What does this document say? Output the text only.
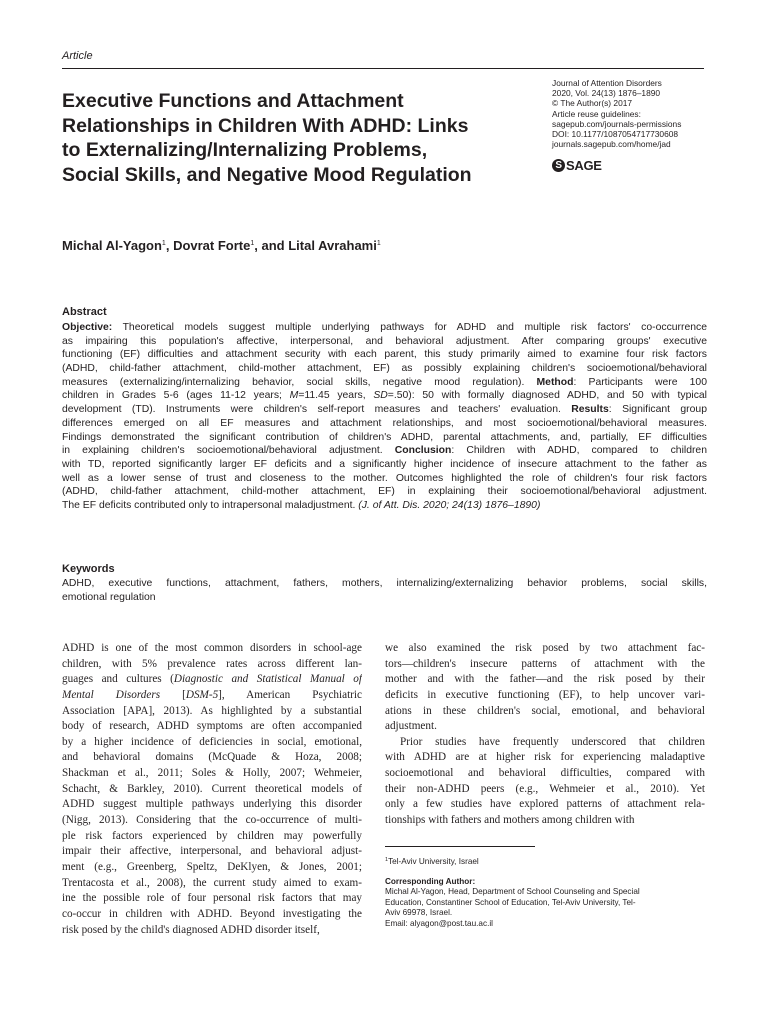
Article
Executive Functions and Attachment
Relationships in Children With ADHD: Links
to Externalizing/Internalizing Problems,
Social Skills, and Negative Mood Regulation
Journal of Attention Disorders
2020, Vol. 24(13) 1876–1890
© The Author(s) 2017
Article reuse guidelines:
sagepub.com/journals-permissions
DOI: 10.1177/1087054717730608
journals.sagepub.com/home/jad
S SAGE
Michal Al-Yagon$^1$, Dovrat Forte$^1$, and Lital Avrahami$^1$
Abstract
Objective: Theoretical models suggest multiple underlying pathways for ADHD and multiple risk factors' co-occurrence
as impairing this population's affective, interpersonal, and behavioral adjustment. After comparing groups' executive
functioning (EF) difficulties and attachment security with each parent, this study primarily aimed to examine four risk factors
(ADHD, child-father attachment, child-mother attachment, EF) as possibly explaining children's socioemotional/behavioral
measures (externalizing/internalizing behavior, social skills, negative mood regulation). Method: Participants were 100
children in Grades 5-6 (ages 11-12 years; M=11.45 years, SD=.50): 50 with formally diagnosed ADHD, and 50 with typical
development (TD). Instruments were children's self-report measures and teachers' evaluation. Results: Significant group
differences emerged on all EF measures and attachment relationships, and most socioemotional/behavioral measures.
Findings demonstrated the significant contribution of children's ADHD, parental attachments, and, partially, EF difficulties
in explaining children's socioemotional/behavioral adjustment. Conclusion: Children with ADHD, compared to children
with TD, reported significantly larger EF deficits and a significantly higher incidence of insecure attachment to the father as
well as a lower sense of trust and closeness to the mother. Outcomes highlighted the role of children's four risk factors
(ADHD, child-father attachment, child-mother attachment, EF) in explaining their socioemotional/behavioral adjustment.
The EF deficits contributed only to intrapersonal maladjustment. (J. of Att. Dis. 2020; 24(13) 1876–1890)
Keywords
ADHD, executive functions, attachment, fathers, mothers, internalizing/externalizing behavior problems, social skills,
emotional regulation
ADHD is one of the most common disorders in school-age
children, with 5% prevalence rates across different lan-
guages and cultures (Diagnostic and Statistical Manual of
Mental Disorders [DSM-5], American Psychiatric
Association [APA], 2013). As highlighted by a substantial
body of research, ADHD symptoms are often accompanied
by a higher incidence of deficiencies in social, emotional,
and behavioral domains (McQuade & Hoza, 2008;
Shackman et al., 2011; Soles & Holly, 2007; Wehmeier,
Schacht, & Barkley, 2010). Current theoretical models of
ADHD suggest multiple pathways underlying this disorder
(Nigg, 2013). Considering that the co-occurrence of multi-
ple risk factors experienced by children may powerfully
impair their affective, interpersonal, and behavioral adjust-
ment (e.g., Greenberg, Speltz, DeKlyen, & Jones, 2001;
Trentacosta et al., 2008), the current study aimed to exam-
ine the possible role of four personal risk factors that may
co-occur in children with ADHD. Beyond investigating the
risk posed by the child's diagnosed ADHD disorder itself,
we also examined the risk posed by two attachment fac-
tors—children's insecure patterns of attachment with the
mother and with the father—and the risk posed by their
deficits in executive functioning (EF), to help uncover vari-
ations in these children's social, emotional, and behavioral
adjustment.
Prior studies have frequently underscored that children
with ADHD are at higher risk for experiencing maladaptive
socioemotional and behavioral difficulties, compared with
their non-ADHD peers (e.g., Wehmeier et al., 2010). Yet
only a few studies have explored patterns of attachment rela-
tionships with fathers and mothers among children with
$^1$Tel-Aviv University, Israel
Corresponding Author:
Michal Al-Yagon, Head, Department of School Counseling and Special
Education, Constantiner School of Education, Tel-Aviv University, Tel-
Aviv 69978, Israel.
Email: alyagon@post.tau.ac.il
